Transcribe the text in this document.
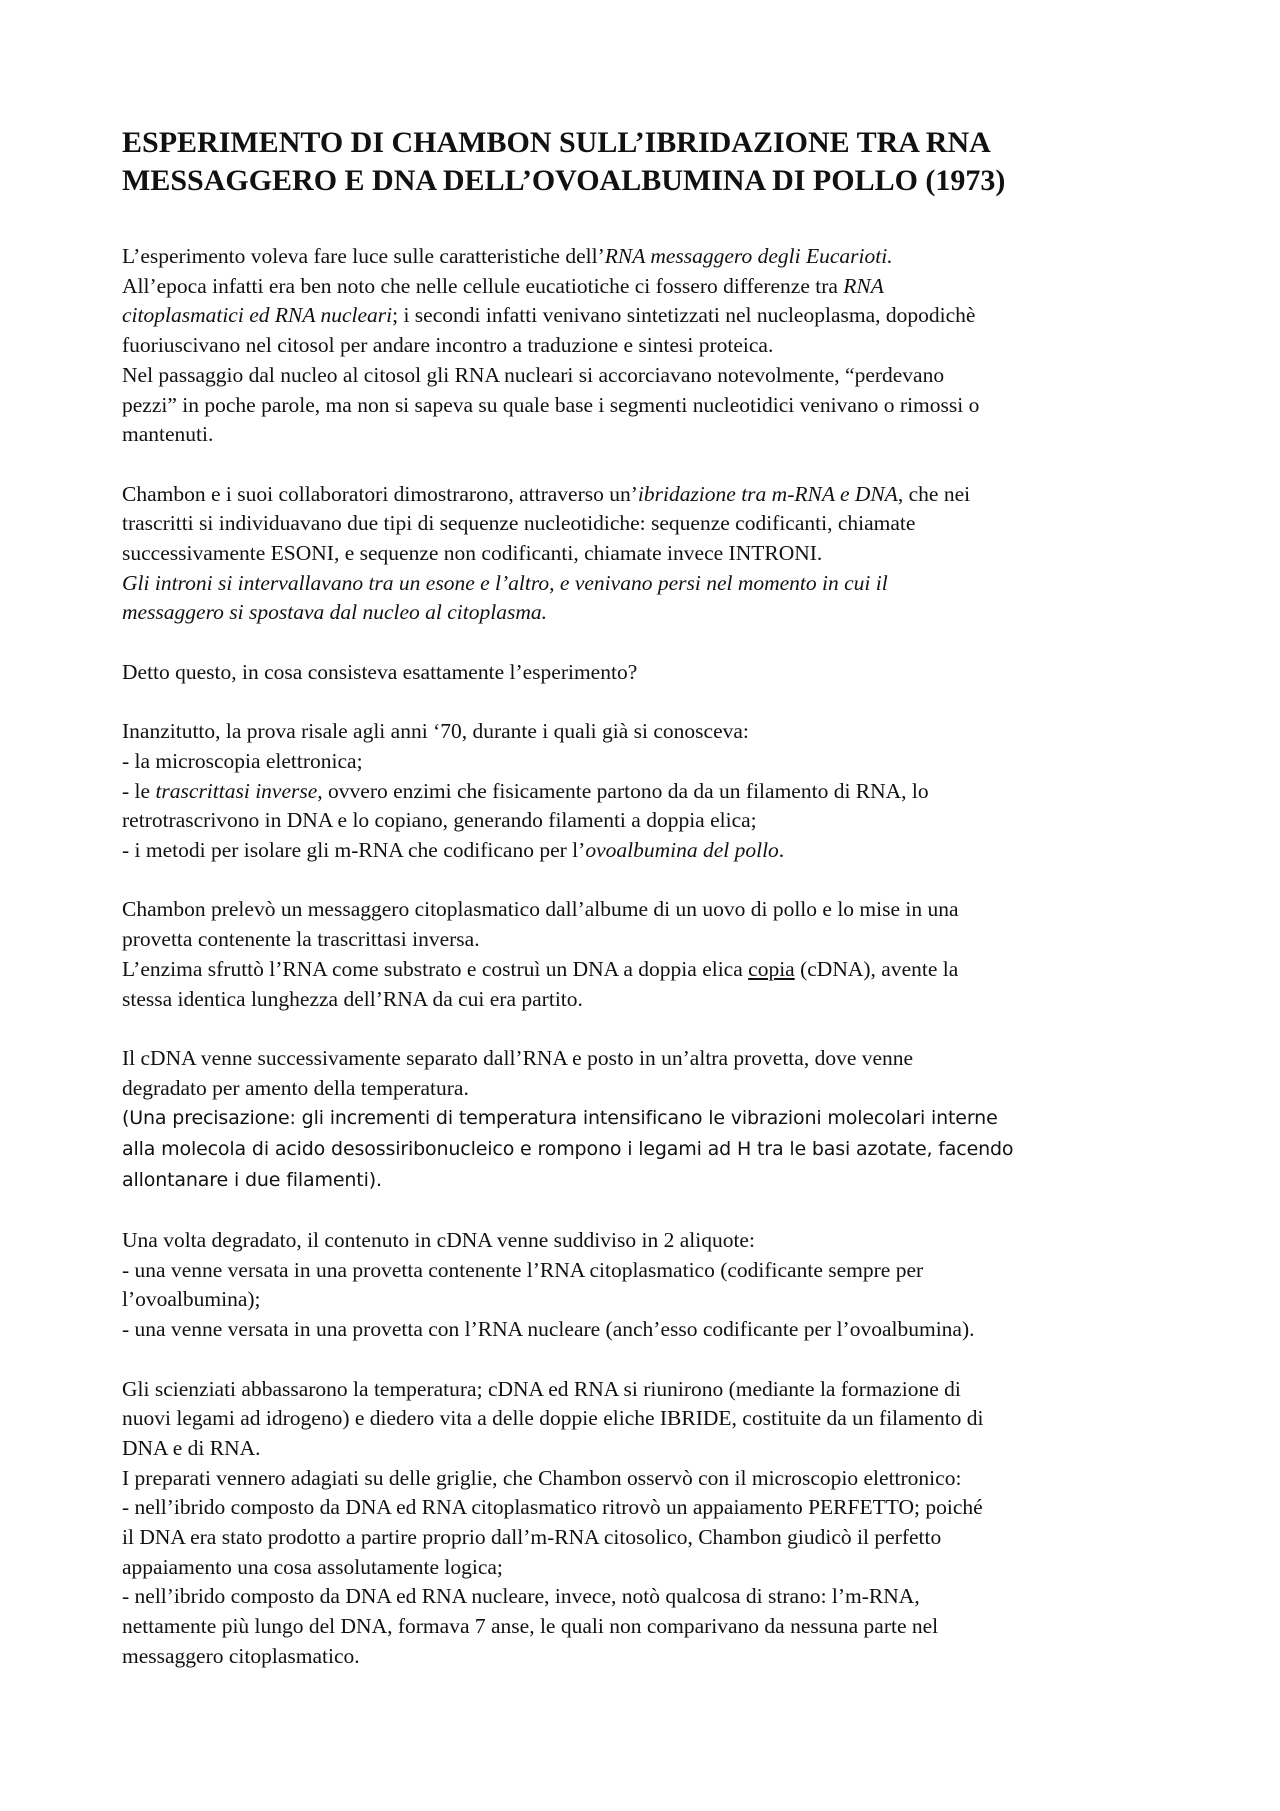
ESPERIMENTO DI CHAMBON SULL’IBRIDAZIONE TRA RNA
MESSAGGERO E DNA DELL’OVOALBUMINA DI POLLO (1973)
L’esperimento voleva fare luce sulle caratteristiche dell’RNA messaggero degli Eucarioti.
All’epoca infatti era ben noto che nelle cellule eucatiotiche ci fossero differenze tra RNA
citoplasmatici ed RNA nucleari; i secondi infatti venivano sintetizzati nel nucleoplasma, dopodichè
fuoriuscivano nel citosol per andare incontro a traduzione e sintesi proteica.
Nel passaggio dal nucleo al citosol gli RNA nucleari si accorciavano notevolmente, “perdevano
pezzi” in poche parole, ma non si sapeva su quale base i segmenti nucleotidici venivano o rimossi o
mantenuti.
Chambon e i suoi collaboratori dimostrarono, attraverso un’ibridazione tra m-RNA e DNA, che nei
trascritti si individuavano due tipi di sequenze nucleotidiche: sequenze codificanti, chiamate
successivamente ESONI, e sequenze non codificanti, chiamate invece INTRONI.
Gli introni si intervallavano tra un esone e l’altro, e venivano persi nel momento in cui il
messaggero si spostava dal nucleo al citoplasma.
Detto questo, in cosa consisteva esattamente l’esperimento?
Inanzitutto, la prova risale agli anni ‘70, durante i quali già si conosceva:
- la microscopia elettronica;
- le trascrittasi inverse, ovvero enzimi che fisicamente partono da da un filamento di RNA, lo
retrotrascrivono in DNA e lo copiano, generando filamenti a doppia elica;
- i metodi per isolare gli m-RNA che codificano per l’ovoalbumina del pollo.
Chambon prelevò un messaggero citoplasmatico dall’albume di un uovo di pollo e lo mise in una
provetta contenente la trascrittasi inversa.
L’enzima sfruttò l’RNA come substrato e costruì un DNA a doppia elica copia (cDNA), avente la
stessa identica lunghezza dell’RNA da cui era partito.
Il cDNA venne successivamente separato dall’RNA e posto in un’altra provetta, dove venne
degradato per amento della temperatura.
(Una precisazione: gli incrementi di temperatura intensificano le vibrazioni molecolari interne
alla molecola di acido desossiribonucleico e rompono i legami ad H tra le basi azotate, facendo
allontanare i due filamenti).
Una volta degradato, il contenuto in cDNA venne suddiviso in 2 aliquote:
- una venne versata in una provetta contenente l’RNA citoplasmatico (codificante sempre per
l’ovoalbumina);
- una venne versata in una provetta con l’RNA nucleare (anch’esso codificante per l’ovoalbumina).
Gli scienziati abbassarono la temperatura; cDNA ed RNA si riunirono (mediante la formazione di
nuovi legami ad idrogeno) e diedero vita a delle doppie eliche IBRIDE, costituite da un filamento di
DNA e di RNA.
I preparati vennero adagiati su delle griglie, che Chambon osservò con il microscopio elettronico:
- nell’ibrido composto da DNA ed RNA citoplasmatico ritrovò un appaiamento PERFETTO; poiché
il DNA era stato prodotto a partire proprio dall’m-RNA citosolico, Chambon giudicò il perfetto
appaiamento una cosa assolutamente logica;
- nell’ibrido composto da DNA ed RNA nucleare, invece, notò qualcosa di strano: l’m-RNA,
nettamente più lungo del DNA, formava 7 anse, le quali non comparivano da nessuna parte nel
messaggero citoplasmatico.
